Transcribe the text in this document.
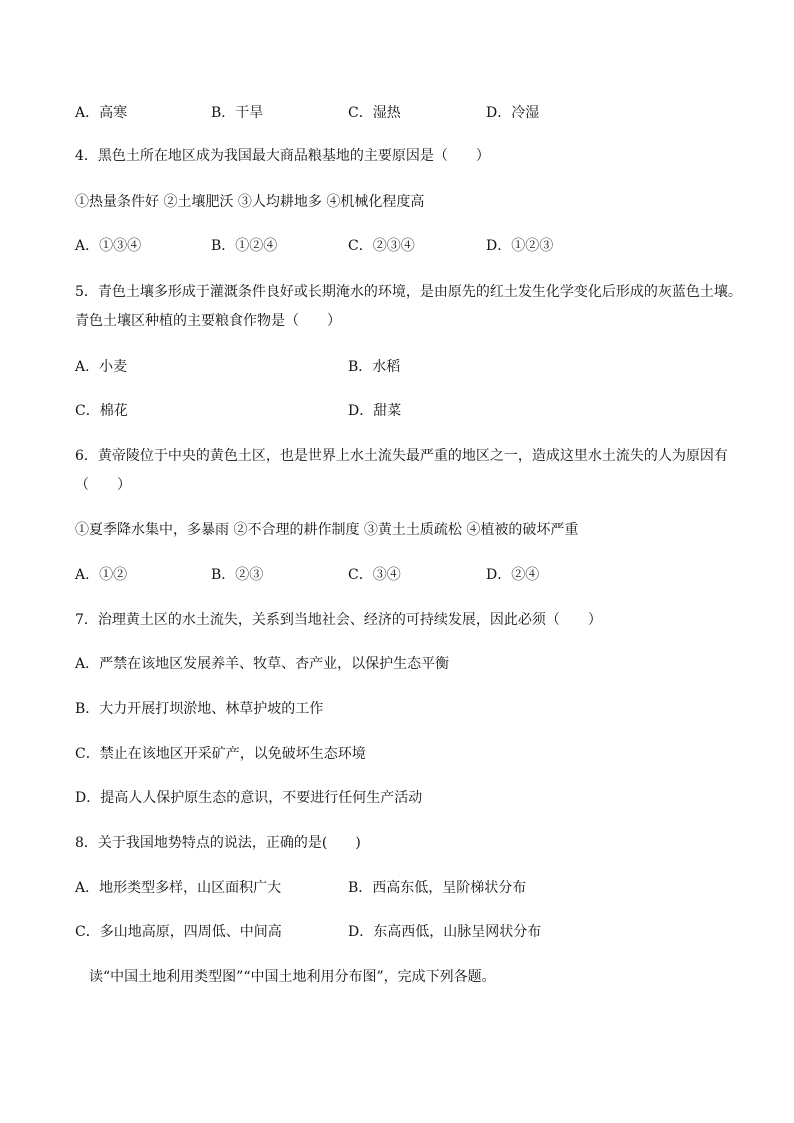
A．高寒	B．干旱	C．湿热	D．冷湿
4．黑色土所在地区成为我国最大商品粮基地的主要原因是（　　）
①热量条件好 ②土壤肥沃 ③人均耕地多 ④机械化程度高
A．①③④	B．①②④	C．②③④	D．①②③
5．青色土壤多形成于灌溉条件良好或长期淹水的环境，是由原先的红土发生化学变化后形成的灰蓝色土壤。
青色土壤区种植的主要粮食作物是（　　）
A．小麦	B．水稻
C．棉花	D．甜菜
6．黄帝陵位于中央的黄色土区，也是世界上水土流失最严重的地区之一，造成这里水土流失的人为原因有
（　　）
①夏季降水集中，多暴雨 ②不合理的耕作制度 ③黄土土质疏松 ④植被的破坏严重
A．①②	B．②③	C．③④	D．②④
7．治理黄土区的水土流失，关系到当地社会、经济的可持续发展，因此必须（　　）
A．严禁在该地区发展养羊、牧草、杏产业，以保护生态平衡
B．大力开展打坝淤地、林草护坡的工作
C．禁止在该地区开采矿产，以免破坏生态环境
D．提高人人保护原生态的意识，不要进行任何生产活动
8．关于我国地势特点的说法，正确的是(　　)
A．地形类型多样，山区面积广大	B．西高东低，呈阶梯状分布
C．多山地高原，四周低、中间高	D．东高西低，山脉呈网状分布
读“中国土地利用类型图”“中国土地利用分布图”，完成下列各题。
